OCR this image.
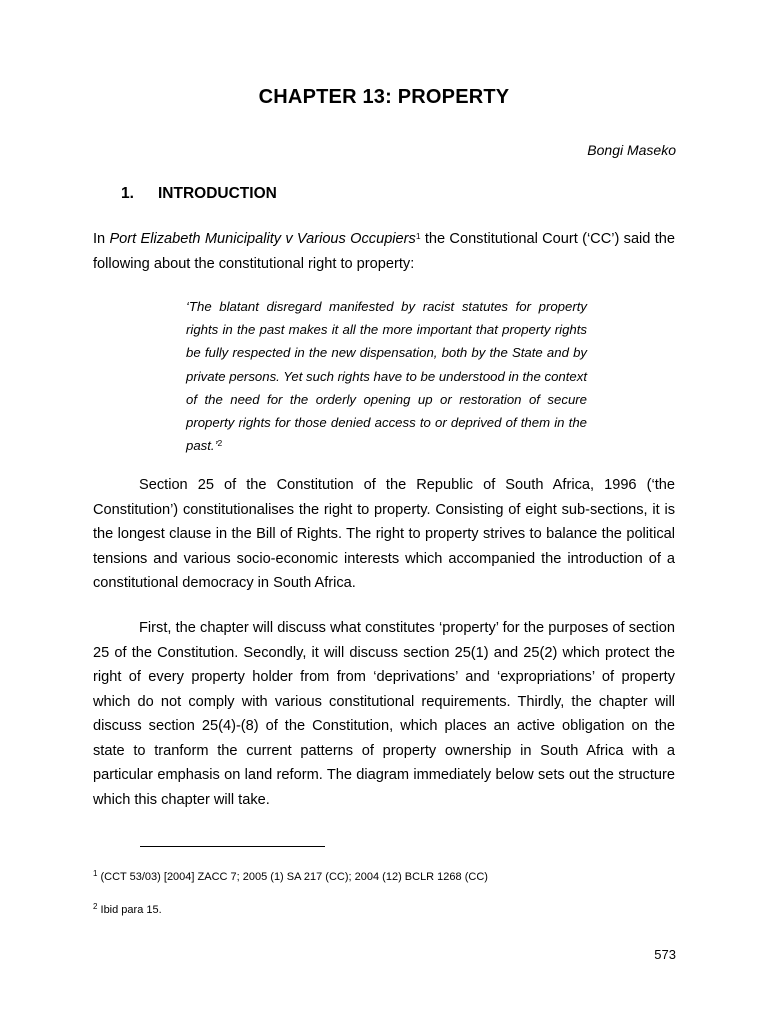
CHAPTER 13: PROPERTY
Bongi Maseko
1. INTRODUCTION

In Port Elizabeth Municipality v Various Occupiers$^1$ the Constitutional Court (‘CC’) said the following about the constitutional right to property:

‘The blatant disregard manifested by racist statutes for property rights in the past makes it all the more important that property rights be fully respected in the new dispensation, both by the State and by private persons. Yet such rights have to be understood in the context of the need for the orderly opening up or restoration of secure property rights for those denied access to or deprived of them in the past.’$^2$

Section 25 of the Constitution of the Republic of South Africa, 1996 (‘the Constitution’) constitutionalises the right to property. Consisting of eight sub-sections, it is the longest clause in the Bill of Rights. The right to property strives to balance the political tensions and various socio-economic interests which accompanied the introduction of a constitutional democracy in South Africa.

First, the chapter will discuss what constitutes ‘property’ for the purposes of section 25 of the Constitution. Secondly, it will discuss section 25(1) and 25(2) which protect the right of every property holder from from ‘deprivations’ and ‘expropriations’ of property which do not comply with various constitutional requirements. Thirdly, the chapter will discuss section 25(4)-(8) of the Constitution, which places an active obligation on the state to tranform the current patterns of property ownership in South Africa with a particular emphasis on land reform. The diagram immediately below sets out the structure which this chapter will take.

$^1$ (CCT 53/03) [2004] ZACC 7; 2005 (1) SA 217 (CC); 2004 (12) BCLR 1268 (CC)

$^2$ Ibid para 15.

573
